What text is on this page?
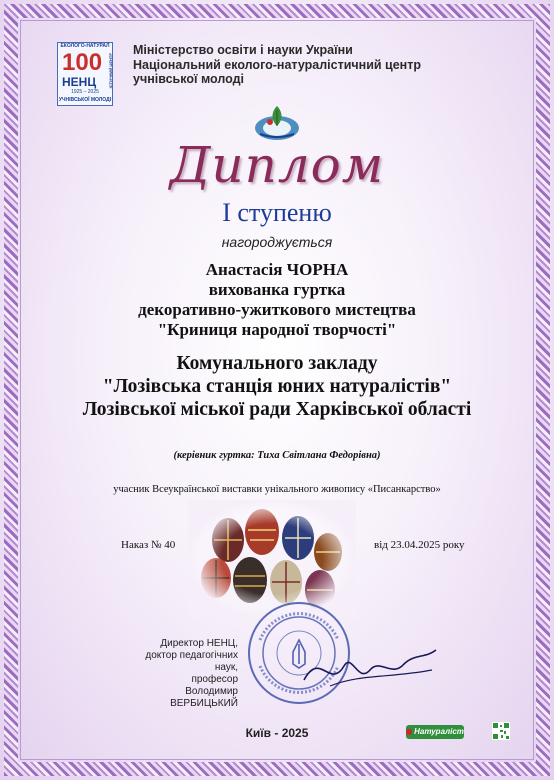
ЕКОЛОГО-НАТУРАЛ
100
НЕНЦ	ІСТИЧНИЙ ЦЕНТР
1925 – 2025
УЧНІВСЬКОЇ МОЛОДІ
Міністерство освіти і науки України
Національний еколого-натуралістичний центр
учнівської молоді
Диплом
І ступеню
нагороджується
Анастасія ЧОРНА
вихованка гуртка
декоративно-ужиткового мистецтва
"Криниця народної творчості"
Комунального закладу
"Лозівська станція юних натуралістів"
Лозівської міської ради Харківської області
(керівник гуртка: Тиха Світлана Федорівна)
учасник Всеукраїнської виставки унікального живопису «Писанкарство»
Наказ № 40	від 23.04.2025 року
Директор НЕНЦ,
доктор педагогічних наук,
професор
Володимир ВЕРБИЦЬКИЙ
Київ - 2025	Натураліст
